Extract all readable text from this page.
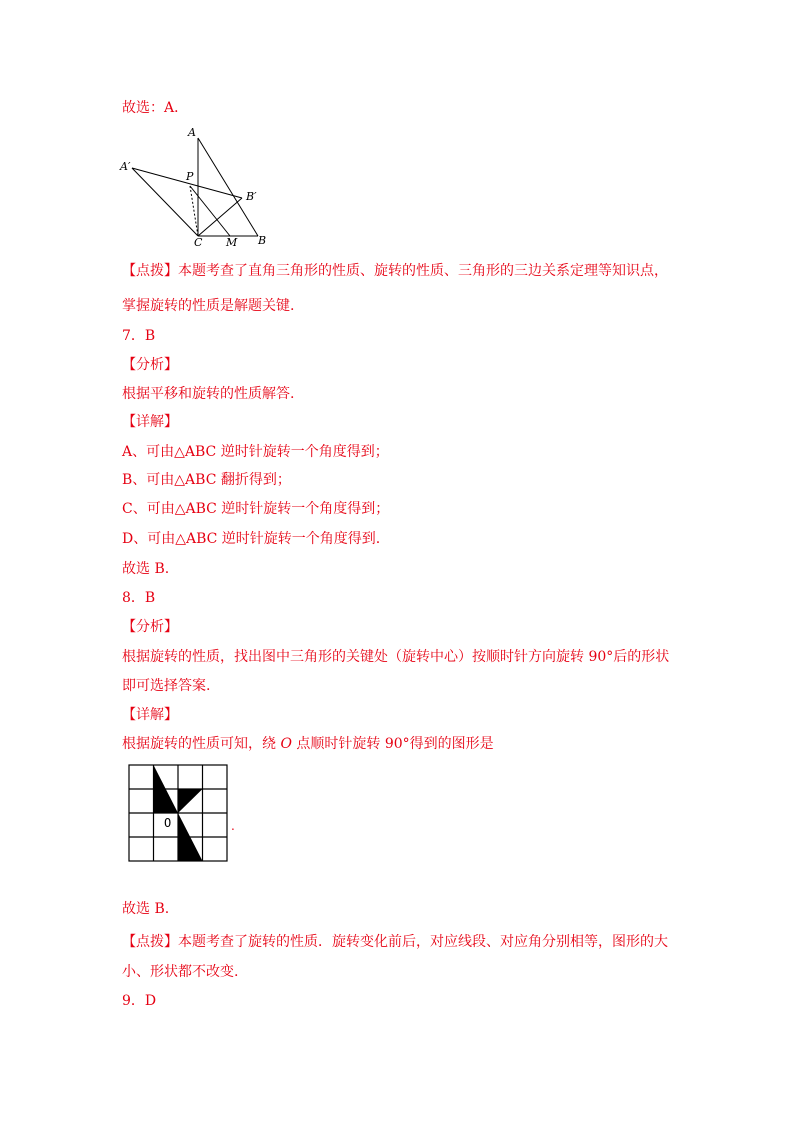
故选：A．
A
A′
P
B′
C M B
【点拨】本题考查了直角三角形的性质、旋转的性质、三角形的三边关系定理等知识点，
掌握旋转的性质是解题关键.
7．B
【分析】
根据平移和旋转的性质解答.
【详解】
A、可由△ABC 逆时针旋转一个角度得到；
B、可由△ABC 翻折得到；
C、可由△ABC 逆时针旋转一个角度得到；
D、可由△ABC 逆时针旋转一个角度得到.
故选 B.
8．B
【分析】
根据旋转的性质，找出图中三角形的关键处（旋转中心）按顺时针方向旋转 90°后的形状
即可选择答案.
【详解】
根据旋转的性质可知，绕 O 点顺时针旋转 90°得到的图形是
O	.
故选 B.
【点拨】本题考查了旋转的性质．旋转变化前后，对应线段、对应角分别相等，图形的大
小、形状都不改变.
9．D
